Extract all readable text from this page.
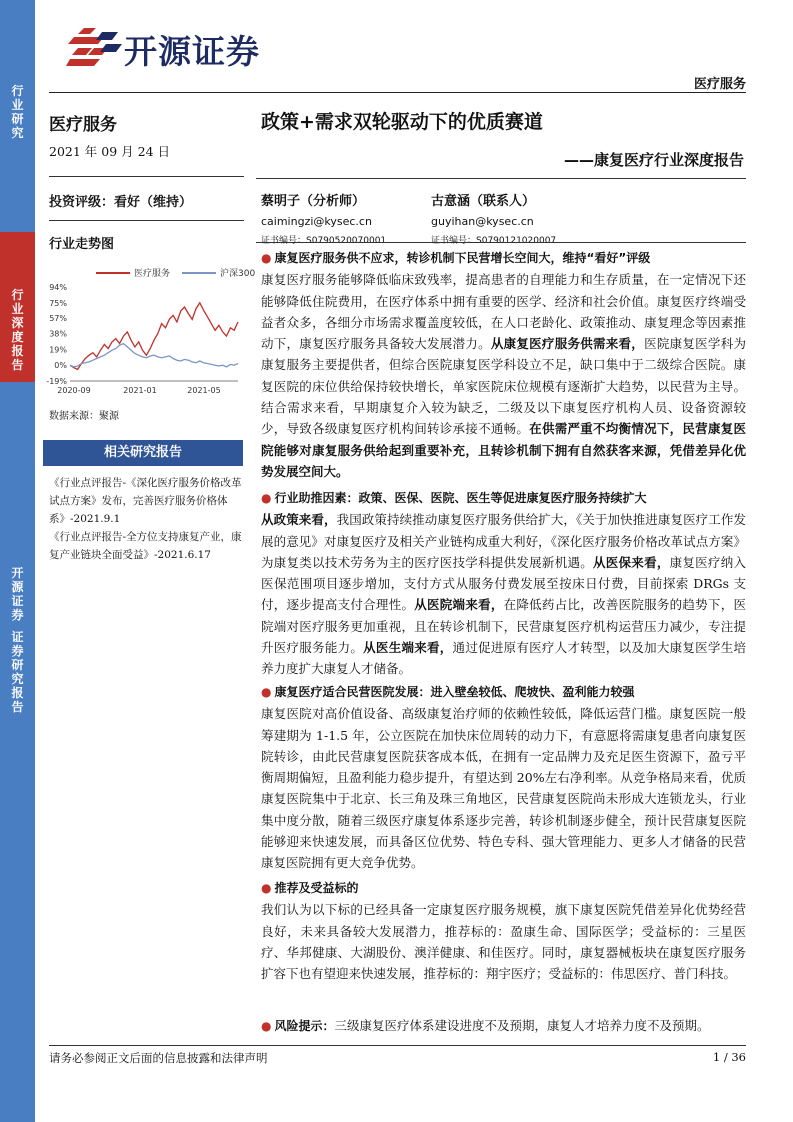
行
业
研
究
行
业
深
度
报
告
开
源
证
券
证
券
研
究
报
告
开源证券
医疗服务
医疗服务
2021 年 09 月 24 日
投资评级：看好（维持）
行业走势图
医疗服务	沪深300
94%
75%
57%
38%
19%
0%
-19%
2020-09	2021-01	2021-05
数据来源：聚源
相关研究报告
《行业点评报告-《深化医疗服务价格改革试点方案》发布，完善医疗服务价格体系》-2021.9.1
《行业点评报告-全方位支持康复产业，康复产业链块全面受益》-2021.6.17
政策+需求双轮驱动下的优质赛道
——康复医疗行业深度报告
蔡明子（分析师）
caimingzi@kysec.cn
证书编号：S0790520070001
古意涵（联系人）
guyihan@kysec.cn
证书编号：S0790121020007
● 康复医疗服务供不应求，转诊机制下民营增长空间大，维持“看好”评级
康复医疗服务能够降低临床致残率，提高患者的自理能力和生存质量，在一定情况下还能够降低住院费用，在医疗体系中拥有重要的医学、经济和社会价值。康复医疗终端受益者众多，各细分市场需求覆盖度较低，在人口老龄化、政策推动、康复理念等因素推动下，康复医疗服务具备较大发展潜力。从康复医疗服务供需来看，医院康复医学科为康复服务主要提供者，但综合医院康复医学科设立不足，缺口集中于二级综合医院。康复医院的床位供给保持较快增长，单家医院床位规模有逐渐扩大趋势，以民营为主导。结合需求来看，早期康复介入较为缺乏，二级及以下康复医疗机构人员、设备资源较少，导致各级康复医疗机构间转诊承接不通畅。在供需严重不均衡情况下，民营康复医院能够对康复服务供给起到重要补充，且转诊机制下拥有自然获客来源，凭借差异化优势发展空间大。
● 行业助推因素：政策、医保、医院、医生等促进康复医疗服务持续扩大
从政策来看，我国政策持续推动康复医疗服务供给扩大，《关于加快推进康复医疗工作发展的意见》对康复医疗及相关产业链构成重大利好，《深化医疗服务价格改革试点方案》为康复类以技术劳务为主的医疗医技学科提供发展新机遇。从医保来看，康复医疗纳入医保范围项目逐步增加，支付方式从服务付费发展至按床日付费，目前探索 DRGs 支付，逐步提高支付合理性。从医院端来看，在降低药占比，改善医院服务的趋势下，医院端对医疗服务更加重视，且在转诊机制下，民营康复医疗机构运营压力减少，专注提升医疗服务能力。从医生端来看，通过促进原有医疗人才转型，以及加大康复医学生培养力度扩大康复人才储备。
● 康复医疗适合民营医院发展：进入壁垒较低、爬坡快、盈利能力较强
康复医院对高价值设备、高级康复治疗师的依赖性较低，降低运营门槛。康复医院一般筹建期为 1-1.5 年，公立医院在加快床位周转的动力下，有意愿将需康复患者向康复医院转诊，由此民营康复医院获客成本低，在拥有一定品牌力及充足医生资源下，盈亏平衡周期偏短，且盈利能力稳步提升，有望达到 20%左右净利率。从竞争格局来看，优质康复医院集中于北京、长三角及珠三角地区，民营康复医院尚未形成大连锁龙头，行业集中度分散，随着三级医疗康复体系逐步完善，转诊机制逐步健全，预计民营康复医院能够迎来快速发展，而具备区位优势、特色专科、强大管理能力、更多人才储备的民营康复医院拥有更大竞争优势。
● 推荐及受益标的
我们认为以下标的已经具备一定康复医疗服务规模，旗下康复医院凭借差异化优势经营良好，未来具备较大发展潜力，推荐标的：盈康生命、国际医学；受益标的：三星医疗、华邦健康、大湖股份、澳洋健康、和佳医疗。同时，康复器械板块在康复医疗服务扩容下也有望迎来快速发展，推荐标的：翔宇医疗；受益标的：伟思医疗、普门科技。
● 风险提示：三级康复医疗体系建设进度不及预期，康复人才培养力度不及预期。
请务必参阅正文后面的信息披露和法律声明	1 / 36
